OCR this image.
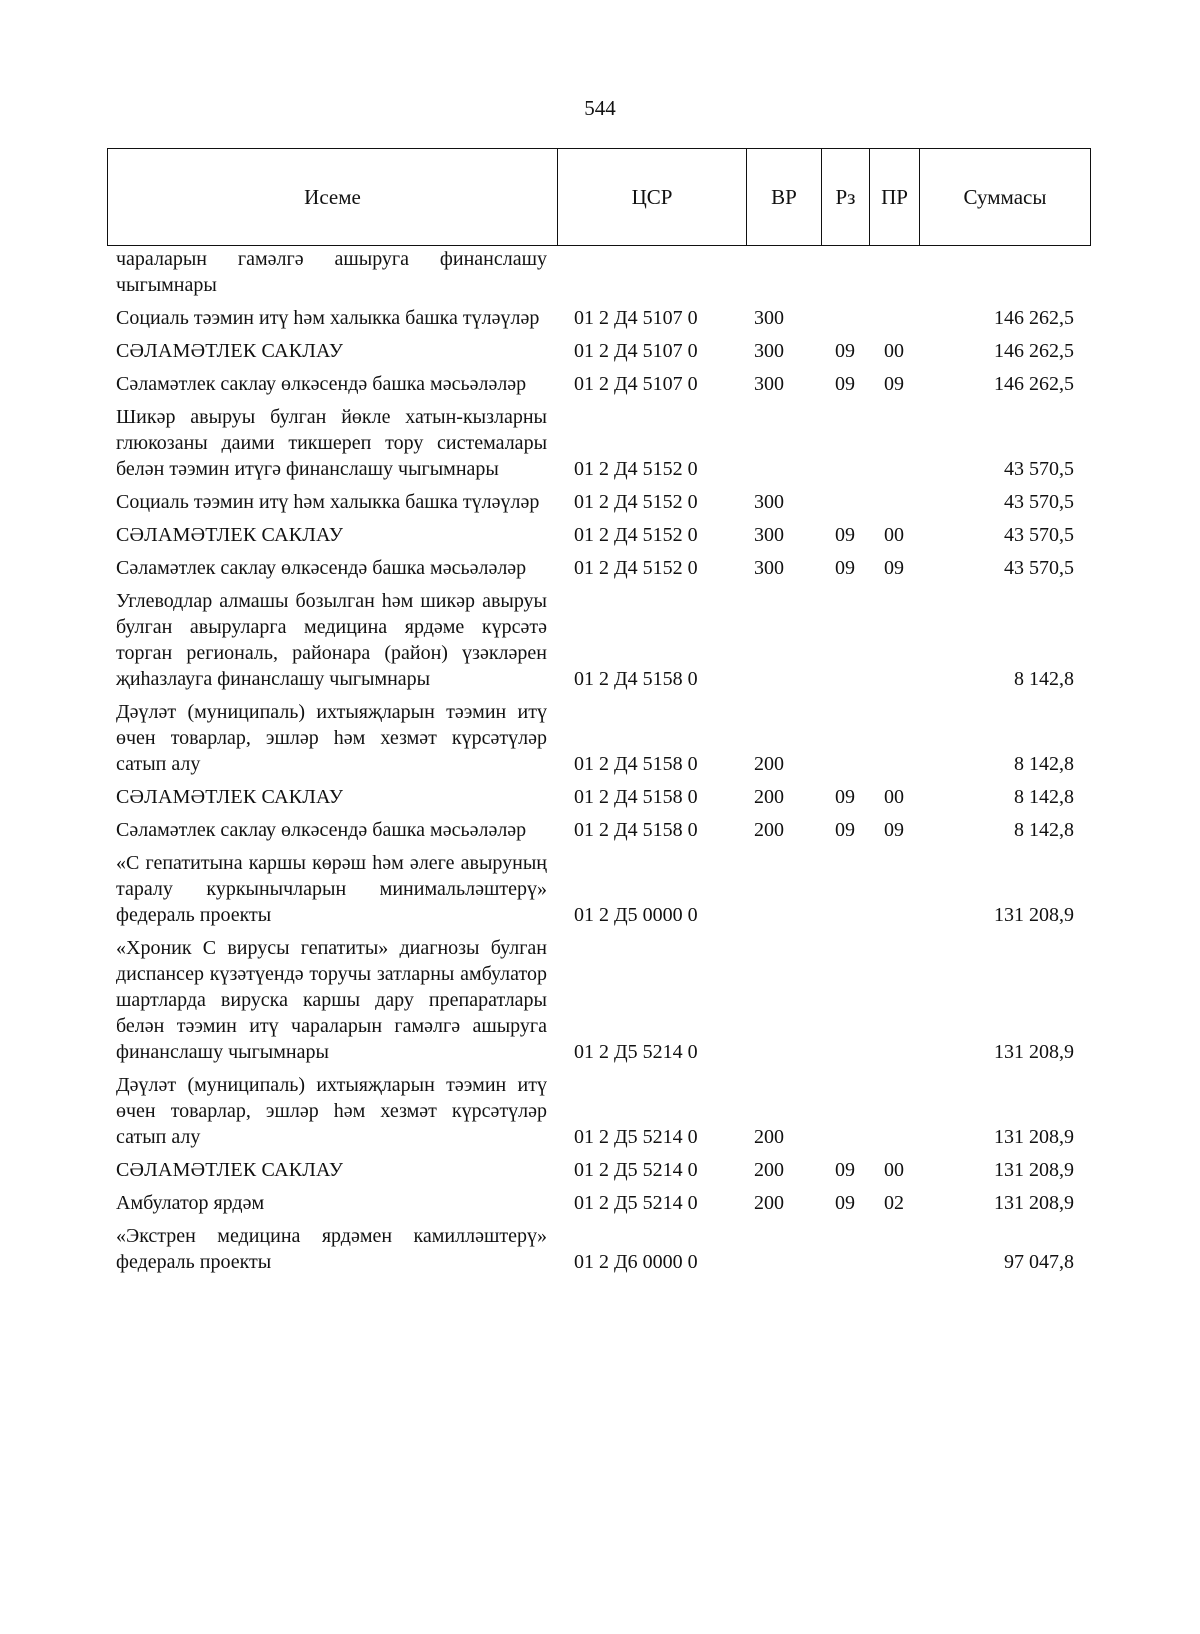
544
Исеме	ЦСР	ВР	Рз	ПР	Суммасы
чараларын гамәлгә ашыруга финанслашу чыгымнары					
Социаль тәэмин итү һәм халыкка башка түләүләр	01 2 Д4 5107 0	300			146 262,5
СӘЛАМӘТЛЕК САКЛАУ	01 2 Д4 5107 0	300	09	00	146 262,5
Сәламәтлек саклау өлкәсендә башка мәсьәләләр	01 2 Д4 5107 0	300	09	09	146 262,5
Шикәр авыруы булган йөкле хатын-кызларны глюкозаны даими тикшереп тору системалары белән тәэмин итүгә финанслашу чыгымнары	01 2 Д4 5152 0				43 570,5
Социаль тәэмин итү һәм халыкка башка түләүләр	01 2 Д4 5152 0	300			43 570,5
СӘЛАМӘТЛЕК САКЛАУ	01 2 Д4 5152 0	300	09	00	43 570,5
Сәламәтлек саклау өлкәсендә башка мәсьәләләр	01 2 Д4 5152 0	300	09	09	43 570,5
Углеводлар алмашы бозылган һәм шикәр авыруы булган авыруларга медицина ярдәме күрсәтә торган региональ, районара (район) үзәкләрен җиһазлауга финанслашу чыгымнары	01 2 Д4 5158 0				8 142,8
Дәүләт (муниципаль) ихтыяҗларын тәэмин итү өчен товарлар, эшләр һәм хезмәт күрсәтүләр сатып алу	01 2 Д4 5158 0	200			8 142,8
СӘЛАМӘТЛЕК САКЛАУ	01 2 Д4 5158 0	200	09	00	8 142,8
Сәламәтлек саклау өлкәсендә башка мәсьәләләр	01 2 Д4 5158 0	200	09	09	8 142,8
«С гепатитына каршы көрәш һәм әлеге авыруның таралу куркынычларын минимальләштерү» федераль проекты	01 2 Д5 0000 0				131 208,9
«Хроник С вирусы гепатиты» диагнозы булган диспансер күзәтүендә торучы затларны амбулатор шартларда вируска каршы дару препаратлары белән тәэмин итү чараларын гамәлгә ашыруга финанслашу чыгымнары	01 2 Д5 5214 0				131 208,9
Дәүләт (муниципаль) ихтыяҗларын тәэмин итү өчен товарлар, эшләр һәм хезмәт күрсәтүләр сатып алу	01 2 Д5 5214 0	200			131 208,9
СӘЛАМӘТЛЕК САКЛАУ	01 2 Д5 5214 0	200	09	00	131 208,9
Амбулатор ярдәм	01 2 Д5 5214 0	200	09	02	131 208,9
«Экстрен медицина ярдәмен камилләштерү» федераль проекты	01 2 Д6 0000 0				97 047,8
